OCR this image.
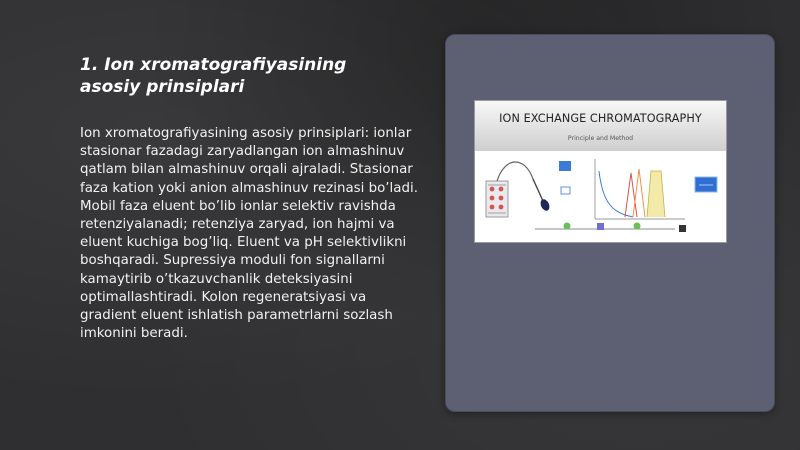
1. Ion xromatografiyasining asosiy prinsiplari

Ion xromatografiyasining asosiy prinsiplari: ionlar stasionar fazadagi zaryadlangan ion almashinuv qatlam bilan almashinuv orqali ajraladi. Stasionar faza kation yoki anion almashinuv rezinasi bo’ladi. Mobil faza eluent bo’lib ionlar selektiv ravishda retenziyalanadi; retenziya zaryad, ion hajmi va eluent kuchiga bog’liq. Eluent va pH selektivlikni boshqaradi. Supressiya moduli fon signallarni kamaytirib o’tkazuvchanlik deteksiyasini optimallashtiradi. Kolon regeneratsiyasi va gradient eluent ishlatish parametrlarni sozlash imkonini beradi.

ION EXCHANGE CHROMATOGRAPHY
Principle and Method
